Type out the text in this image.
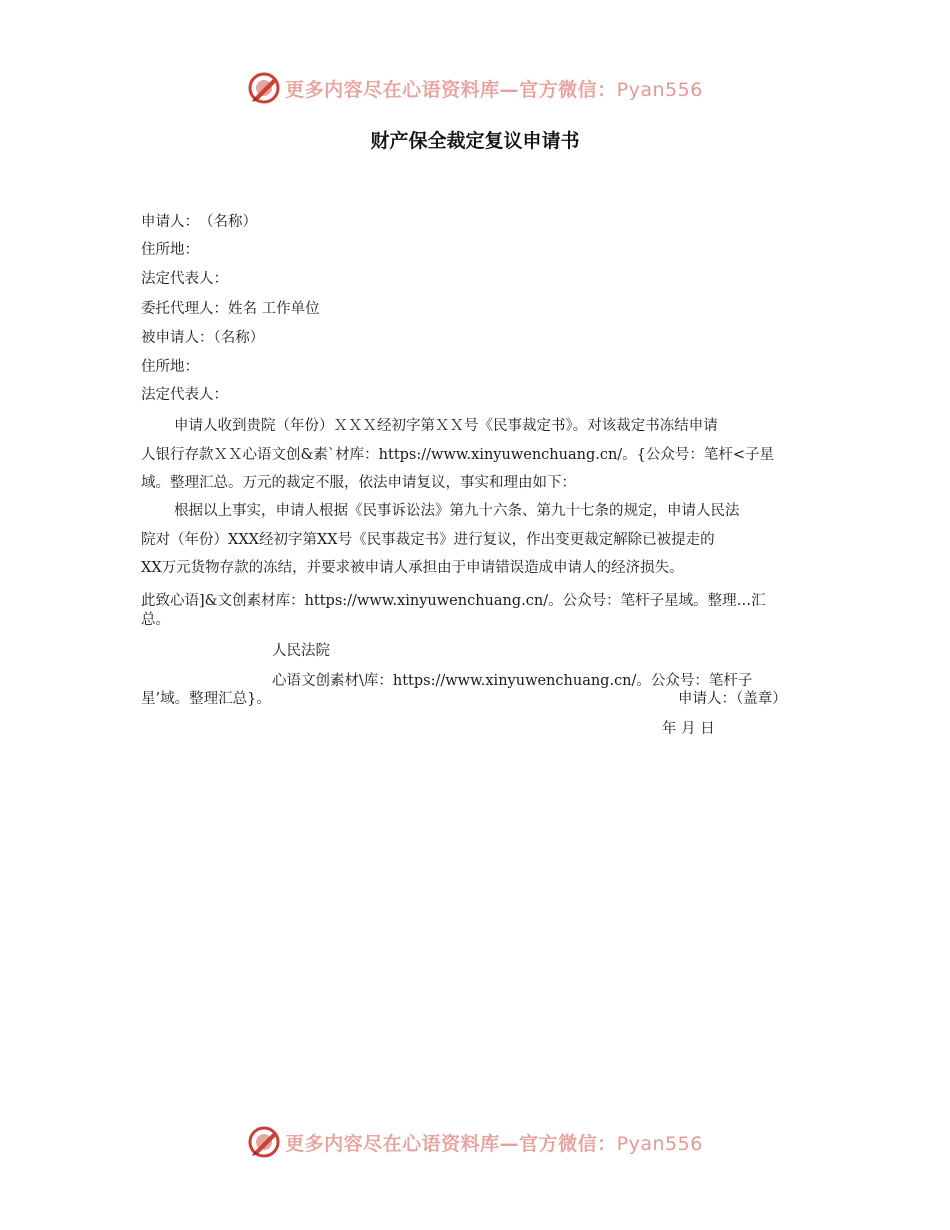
更多内容尽在心语资料库—官方微信：Pyan556
财产保全裁定复议申请书
申请人：　（名称）
住所地：
法定代表人：
委托代理人：姓名 工作单位
被申请人：（名称）
住所地：
法定代表人：
申请人收到贵院（年份）ＸＸＸ经初字第ＸＸ号《民事裁定书》。对该裁定书冻结申请
人银行存款ＸＸ心语文创&素`材库：https://www.xinyuwenchuang.cn/。{公众号：笔杆<子星
域。整理汇总。万元的裁定不服，依法申请复议，事实和理由如下：
根据以上事实，申请人根据《民事诉讼法》第九十六条、第九十七条的规定，申请人民法
院对（年份）XXX经初字第XX号《民事裁定书》进行复议，作出变更裁定解除已被提走的
XX万元货物存款的冻结，并要求被申请人承担由于申请错误造成申请人的经济损失。
此致心语]&文创素材库：https://www.xinyuwenchuang.cn/。公众号：笔杆子星域。整理…汇
总。
人民法院
心语文创素材\库：https://www.xinyuwenchuang.cn/。公众号：笔杆子
星’域。整理汇总}。	申请人：（盖章）
年 月 日
更多内容尽在心语资料库—官方微信：Pyan556
